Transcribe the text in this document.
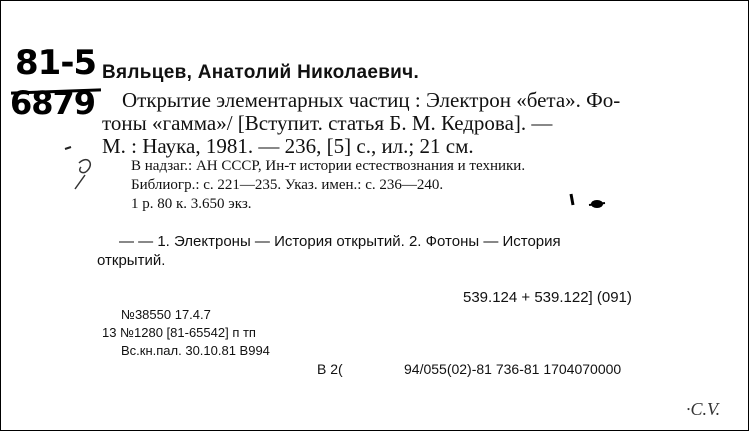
81-5
6879
Вяльцев, Анатолий Николаевич.
Открытие элементарных частиц : Электрон «бета». Фо-
тоны «гамма»/ [Вступит. статья Б. М. Кедрова]. —
М. : Наука, 1981. — 236, [5] с., ил.; 21 см.
В надзаг.: АН СССР, Ин-т истории естествознания и техники.
Библиогр.: с. 221—235. Указ. имен.: с. 236—240.
1 р. 80 к. 3.650 экз.
— — 1. Электроны — История открытий. 2. Фотоны — История
открытий.
539.124 + 539.122] (091)
№38550 17.4.7
13 №1280 [81-65542] п тп
Вс.кн.пал. 30.10.81 В994
В 2(	94/055(02)-81 736-81 1704070000
∙С.V.
